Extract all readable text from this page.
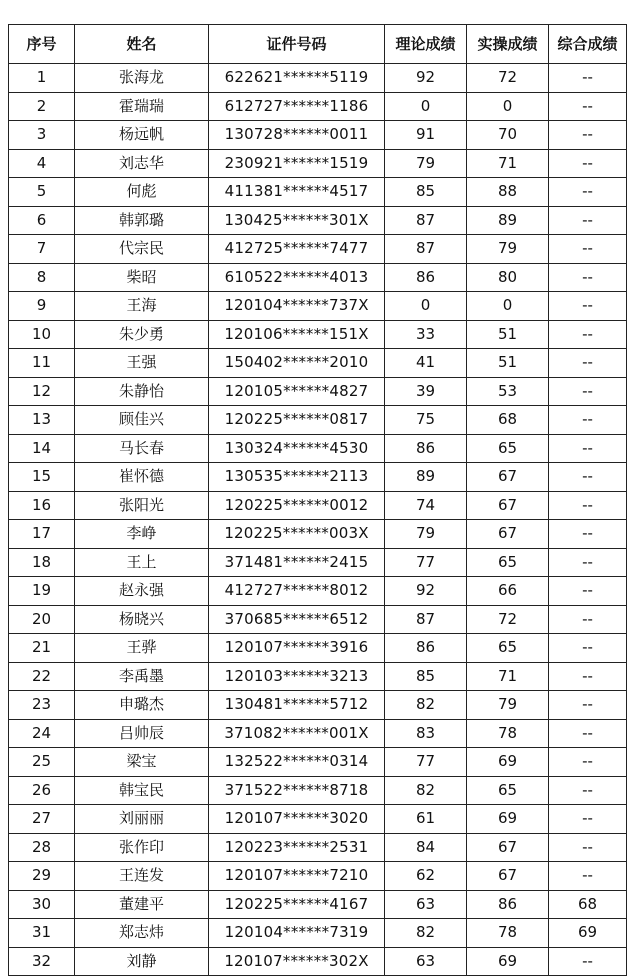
序号	姓名	证件号码	理论成绩	实操成绩	综合成绩
1	张海龙	622621******5119	92	72	--
2	霍瑞瑞	612727******1186	0	0	--
3	杨远帆	130728******0011	91	70	--
4	刘志华	230921******1519	79	71	--
5	何彪	411381******4517	85	88	--
6	韩郭璐	130425******301X	87	89	--
7	代宗民	412725******7477	87	79	--
8	柴昭	610522******4013	86	80	--
9	王海	120104******737X	0	0	--
10	朱少勇	120106******151X	33	51	--
11	王强	150402******2010	41	51	--
12	朱静怡	120105******4827	39	53	--
13	顾佳兴	120225******0817	75	68	--
14	马长春	130324******4530	86	65	--
15	崔怀德	130535******2113	89	67	--
16	张阳光	120225******0012	74	67	--
17	李峥	120225******003X	79	67	--
18	王上	371481******2415	77	65	--
19	赵永强	412727******8012	92	66	--
20	杨晓兴	370685******6512	87	72	--
21	王骅	120107******3916	86	65	--
22	李禹墨	120103******3213	85	71	--
23	申璐杰	130481******5712	82	79	--
24	吕帅辰	371082******001X	83	78	--
25	梁宝	132522******0314	77	69	--
26	韩宝民	371522******8718	82	65	--
27	刘丽丽	120107******3020	61	69	--
28	张作印	120223******2531	84	67	--
29	王连发	120107******7210	62	67	--
30	董建平	120225******4167	63	86	68
31	郑志炜	120104******7319	82	78	69
32	刘静	120107******302X	63	69	--
